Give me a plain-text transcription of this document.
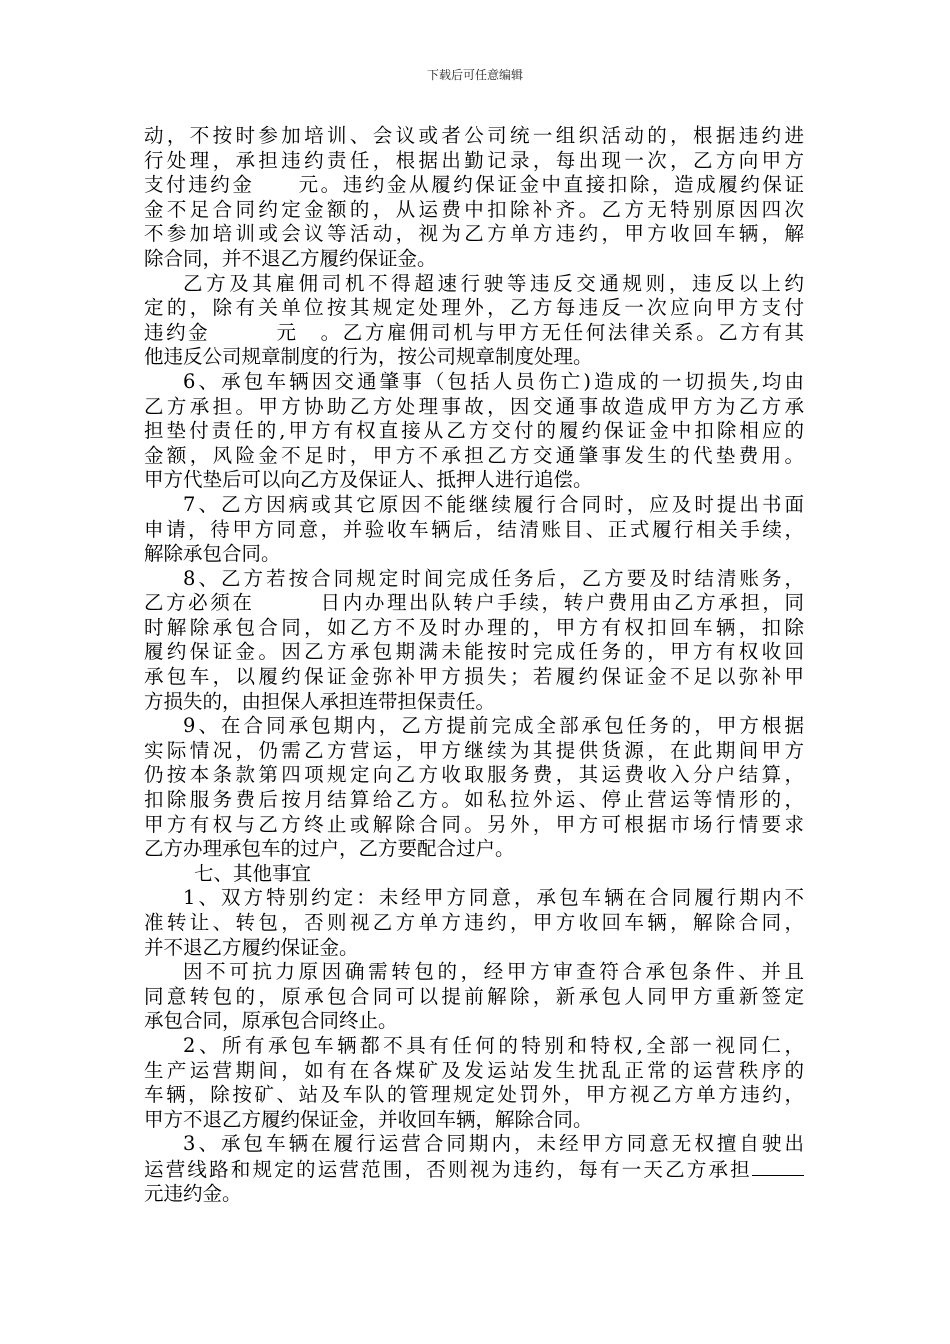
下载后可任意编辑
动，不按时参加培训、会议或者公司统一组织活动的，根据违约进
行处理，承担违约责任，根据出勤记录，每出现一次，乙方向甲方
支付违约金　　元。违约金从履约保证金中直接扣除，造成履约保证
金不足合同约定金额的，从运费中扣除补齐。乙方无特别原因四次
不参加培训或会议等活动，视为乙方单方违约，甲方收回车辆，解
除合同，并不退乙方履约保证金。
乙方及其雇佣司机不得超速行驶等违反交通规则，违反以上约
定的，除有关单位按其规定处理外，乙方每违反一次应向甲方支付
违约金　　　元　。乙方雇佣司机与甲方无任何法律关系。乙方有其
他违反公司规章制度的行为，按公司规章制度处理。
6、承包车辆因交通肇事（包括人员伤亡)造成的一切损失,均由
乙方承担。甲方协助乙方处理事故，因交通事故造成甲方为乙方承
担垫付责任的,甲方有权直接从乙方交付的履约保证金中扣除相应的
金额，风险金不足时，甲方不承担乙方交通肇事发生的代垫费用。
甲方代垫后可以向乙方及保证人、抵押人进行追偿。
7、乙方因病或其它原因不能继续履行合同时，应及时提出书面
申请，待甲方同意，并验收车辆后，结清账目、正式履行相关手续，
解除承包合同。
8、乙方若按合同规定时间完成任务后，乙方要及时结清账务，
乙方必须在　　　日内办理出队转户手续，转户费用由乙方承担，同
时解除承包合同，如乙方不及时办理的，甲方有权扣回车辆，扣除
履约保证金。因乙方承包期满未能按时完成任务的，甲方有权收回
承包车，以履约保证金弥补甲方损失；若履约保证金不足以弥补甲
方损失的，由担保人承担连带担保责任。
9、在合同承包期内，乙方提前完成全部承包任务的，甲方根据
实际情况，仍需乙方营运，甲方继续为其提供货源，在此期间甲方
仍按本条款第四项规定向乙方收取服务费，其运费收入分户结算，
扣除服务费后按月结算给乙方。如私拉外运、停止营运等情形的，
甲方有权与乙方终止或解除合同。另外，甲方可根据市场行情要求
乙方办理承包车的过户，乙方要配合过户。
七、其他事宜
1、双方特别约定：未经甲方同意，承包车辆在合同履行期内不
准转让、转包，否则视乙方单方违约，甲方收回车辆，解除合同，
并不退乙方履约保证金。
因不可抗力原因确需转包的，经甲方审查符合承包条件、并且
同意转包的，原承包合同可以提前解除，新承包人同甲方重新签定
承包合同，原承包合同终止。
2、所有承包车辆都不具有任何的特别和特权,全部一视同仁，
生产运营期间，如有在各煤矿及发运站发生扰乱正常的运营秩序的
车辆，除按矿、站及车队的管理规定处罚外，甲方视乙方单方违约，
甲方不退乙方履约保证金，并收回车辆，解除合同。
3、承包车辆在履行运营合同期内，未经甲方同意无权擅自驶出
运营线路和规定的运营范围，否则视为违约，每有一天乙方承担
元违约金。
